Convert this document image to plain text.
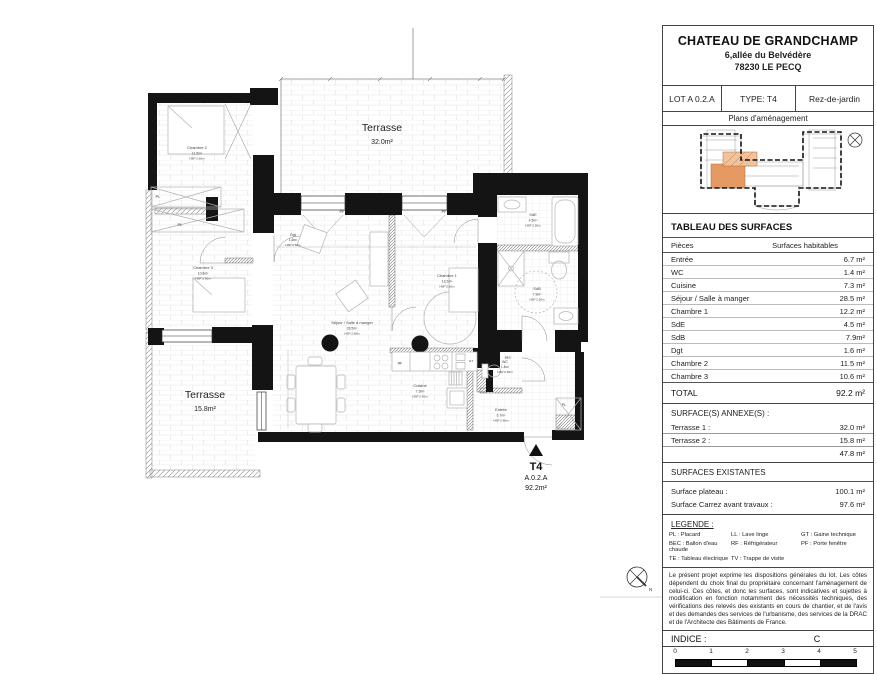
Terrasse
32.0m²
Terrasse
15.8m²
Chambre 2
11.5m²
HSP 2.60m
Chambre 3
10.6m²
HSP 2.60m
Dgt
1.6m²
HSP 2.50m
Séjour / Salle à manger
28.5m²
HSP 2.60m
Chambre 1
12.2m²
HSP 2.60m
Cuisine
7.3m²
HSP 2.60m
SdE
4.5m²
HSP 2.50m
SdB
7.9m²
HSP 2.50m
WC
1.4m²
HSP 2.50m
Entrée
6.7m²
HSP 2.60m
PL
PL
PL
PF	PF
RF
GT
BEC
T4
A.0.2.A
92.2m²
N
CHATEAU DE GRANDCHAMP
6,allée du Belvédère
78230 LE PECQ
LOT A 0.2.A	TYPE: T4	Rez-de-jardin
Plans d'aménagement
TABLEAU DES SURFACES
Pièces	Surfaces habitables
Entrée	6.7 m²
WC	1.4 m²
Cuisine	7.3 m²
Séjour / Salle à manger	28.5 m²
Chambre 1	12.2 m²
SdE	4.5 m²
SdB	7.9m²
Dgt	1.6 m²
Chambre 2	11.5 m²
Chambre 3	10.6 m²
TOTAL	92.2 m²
SURFACE(S) ANNEXE(S) :
Terrasse 1 :	32.0 m²
Terrasse 2 :	15.8 m²
47.8 m²
SURFACES EXISTANTES
Surface plateau :	100.1 m²
Surface Carrez avant travaux :	97.6 m²
LEGENDE :
PL : Placard	LL : Lave linge	GT : Gaine technique
BEC : Ballon d'eau chaude
RF : Réfrigérateur	PF : Porte fenêtre
TE : Tableau électrique TV : Trappe de visite
Le présent projet exprime les dispositions générales du lot. Les côtes dépendent du choix final du propriétaire concernant l'aménagement de celui-ci. Ces côtes, et donc les surfaces, sont indicatives et sujettes à modification en fonction notamment des nécessités techniques, des vérifications des relevés des existants en cours de chantier, et de l'avis et des demandes des services de l'urbanisme, des services de la DRAC et de l'Architecte des Bâtiments de France.
INDICE :	C
0	1	2	3	4	5
